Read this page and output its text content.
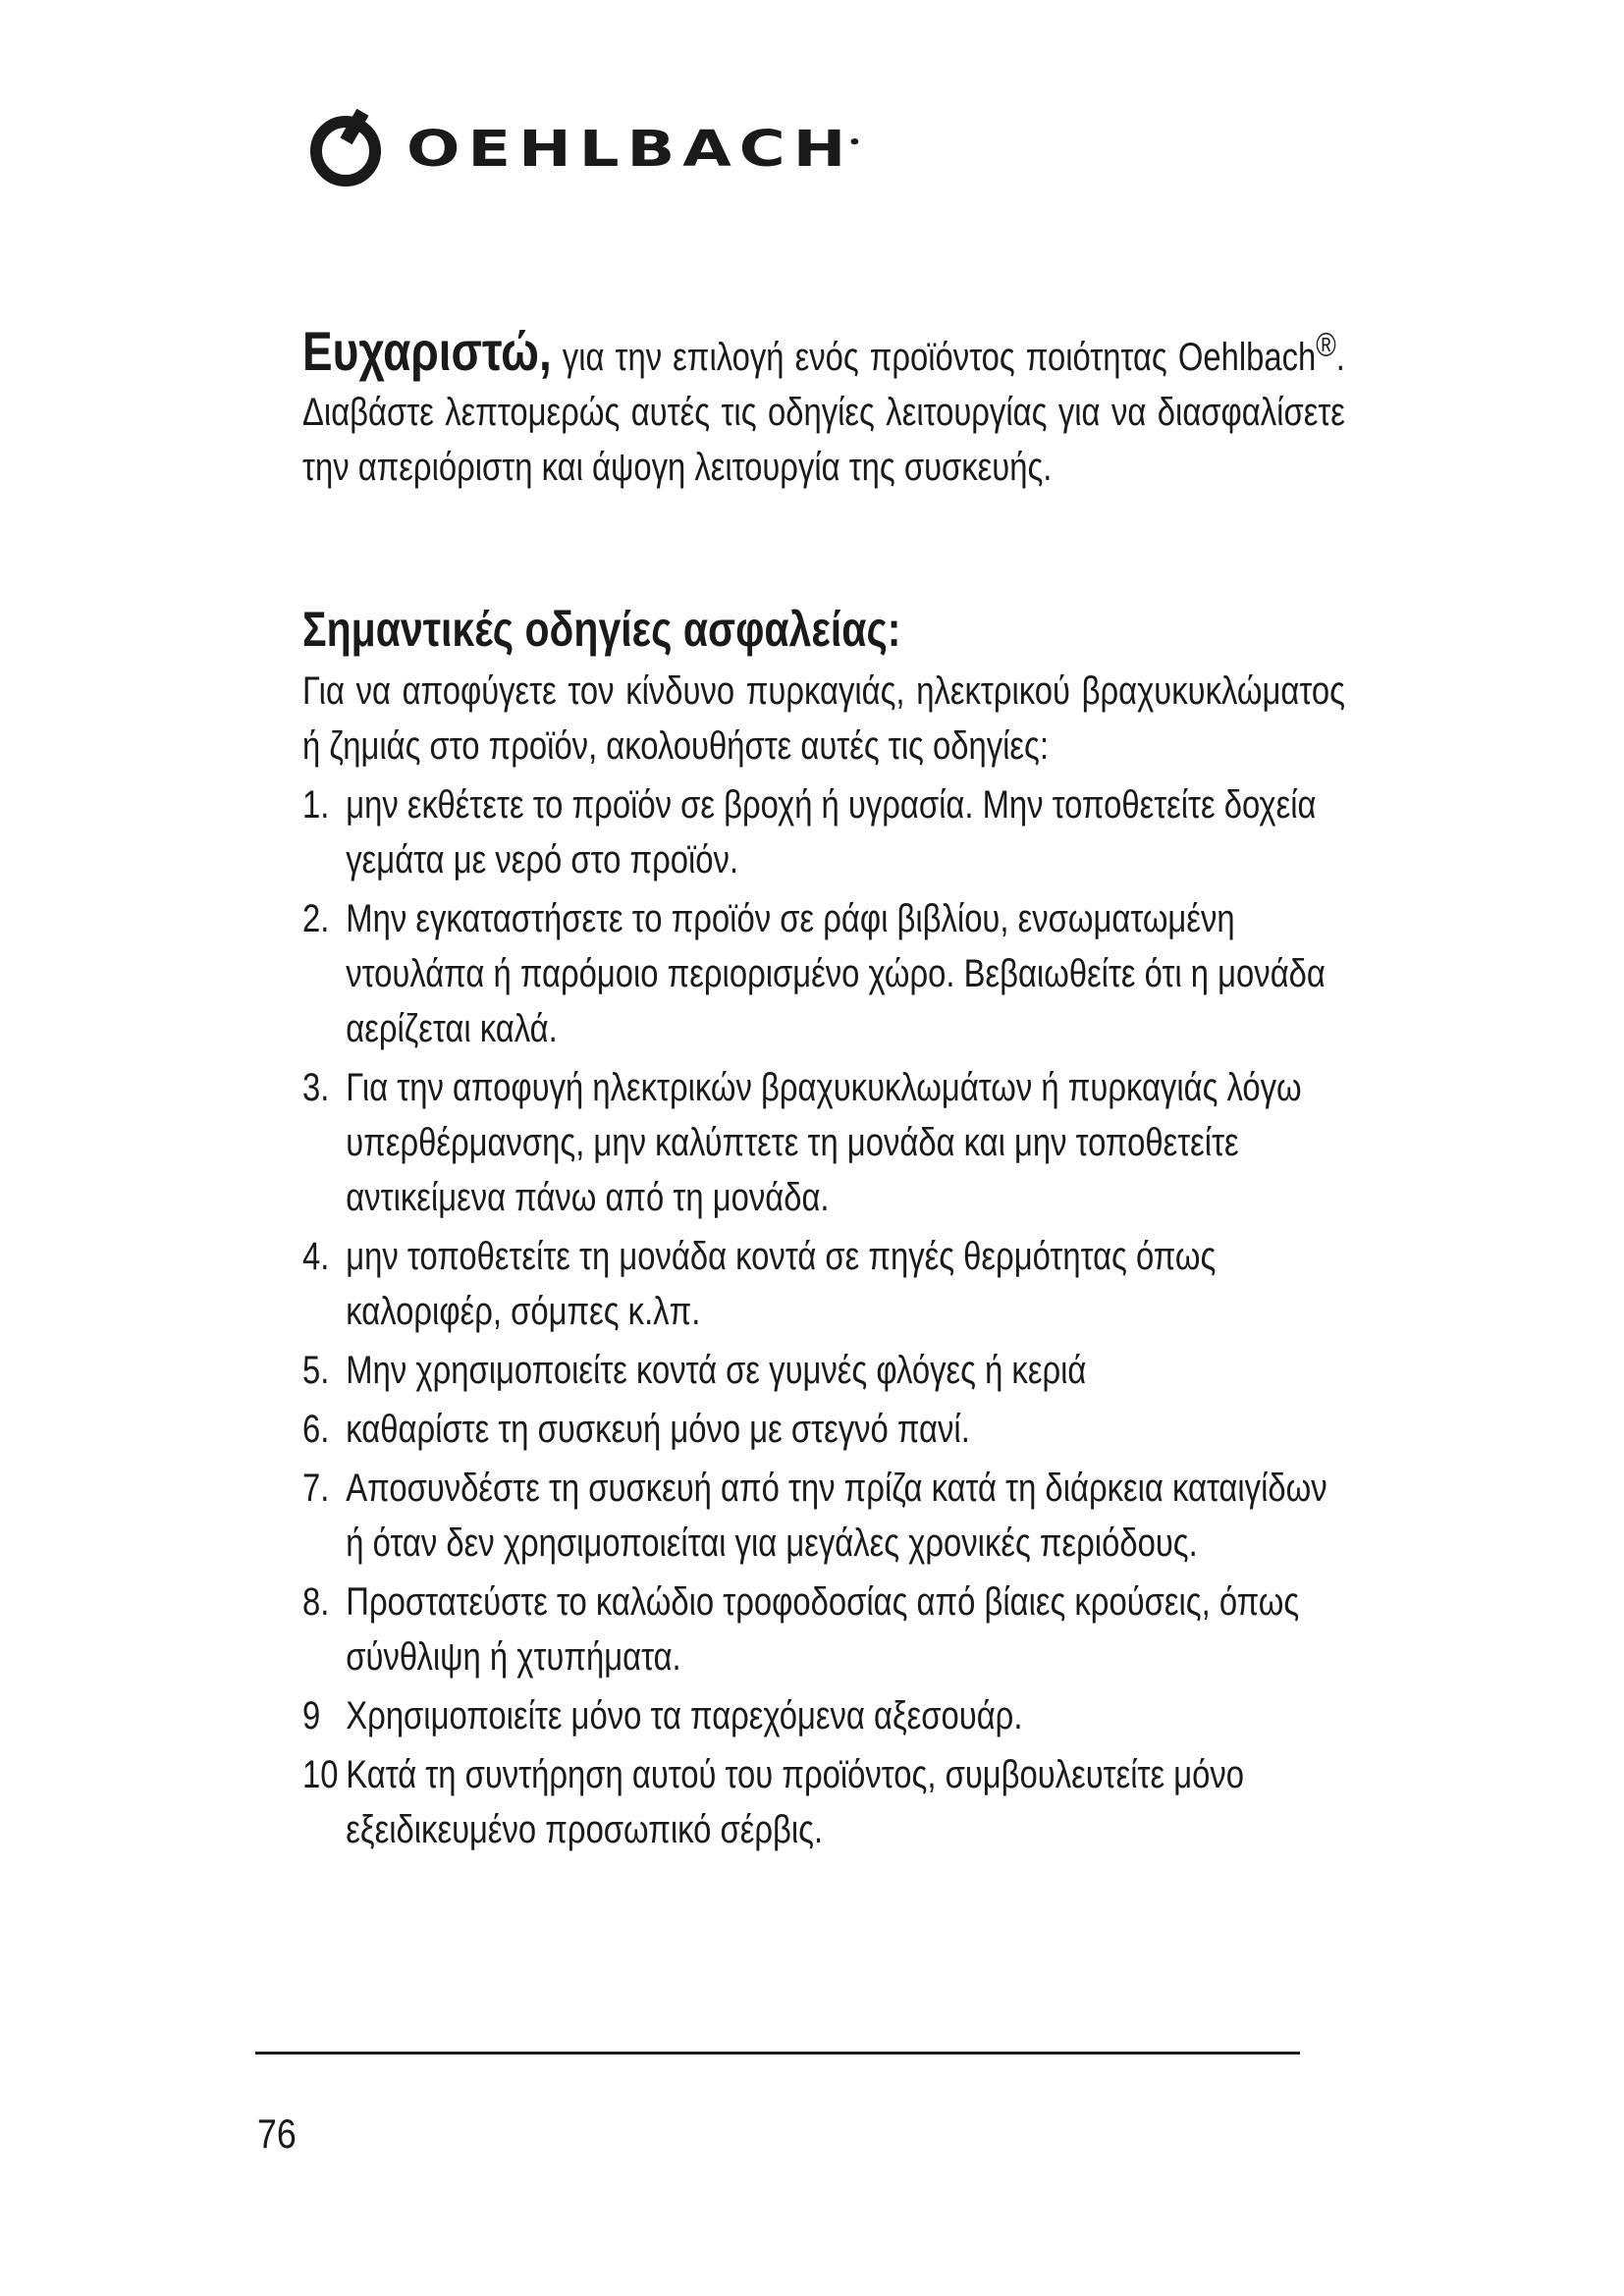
OEHLBACH•

Ευχαριστώ, για την επιλογή ενός προϊόντος ποιότητας Oehlbach®. Διαβάστε λεπτομερώς αυτές τις οδηγίες λειτουργίας για να διασφαλίσετε την απεριόριστη και άψογη λειτουργία της συσκευής.

Σημαντικές οδηγίες ασφαλείας:

Για να αποφύγετε τον κίνδυνο πυρκαγιάς, ηλεκτρικού βραχυκυκλώματος ή ζημιάς στο προϊόν, ακολουθήστε αυτές τις οδηγίες:

1. μην εκθέτετε το προϊόν σε βροχή ή υγρασία. Μην τοποθετείτε δοχεία γεμάτα με νερό στο προϊόν.
2. Μην εγκαταστήσετε το προϊόν σε ράφι βιβλίου, ενσωματωμένη ντουλάπα ή παρόμοιο περιορισμένο χώρο. Βεβαιωθείτε ότι η μονάδα αερίζεται καλά.
3. Για την αποφυγή ηλεκτρικών βραχυκυκλωμάτων ή πυρκαγιάς λόγω υπερθέρμανσης, μην καλύπτετε τη μονάδα και μην τοποθετείτε αντικείμενα πάνω από τη μονάδα.
4. μην τοποθετείτε τη μονάδα κοντά σε πηγές θερμότητας όπως καλοριφέρ, σόμπες κ.λπ.
5. Μην χρησιμοποιείτε κοντά σε γυμνές φλόγες ή κεριά
6. καθαρίστε τη συσκευή μόνο με στεγνό πανί.
7. Αποσυνδέστε τη συσκευή από την πρίζα κατά τη διάρκεια καταιγίδων ή όταν δεν χρησιμοποιείται για μεγάλες χρονικές περιόδους.
8. Προστατεύστε το καλώδιο τροφοδοσίας από βίαιες κρούσεις, όπως σύνθλιψη ή χτυπήματα.
9 Χρησιμοποιείτε μόνο τα παρεχόμενα αξεσουάρ.
10 Κατά τη συντήρηση αυτού του προϊόντος, συμβουλευτείτε μόνο εξειδικευμένο προσωπικό σέρβις.
76
